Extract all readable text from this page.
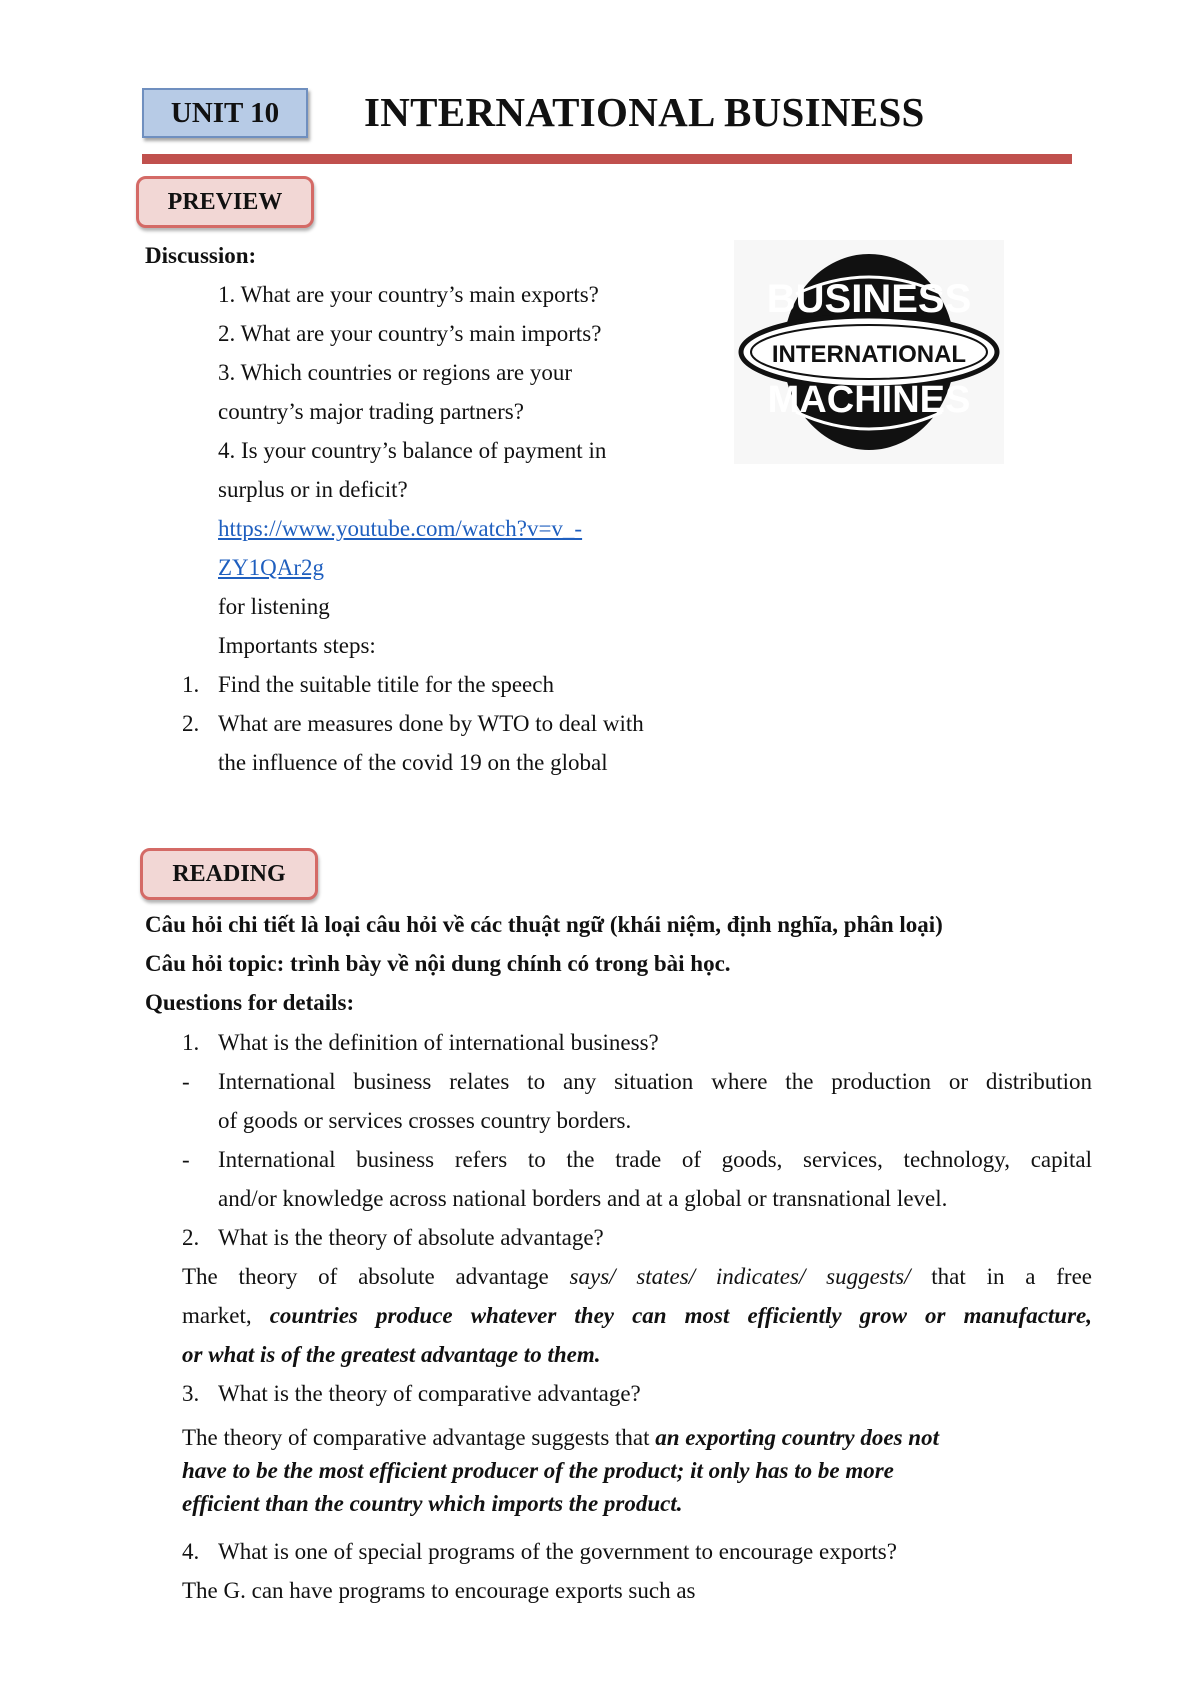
UNIT 10	INTERNATIONAL BUSINESS
PREVIEW
Discussion:
1. What are your country’s main exports?
2. What are your country’s main imports?
3. Which countries or regions are your
country’s major trading partners?
4. Is your country’s balance of payment in
surplus or in deficit?
https://www.youtube.com/watch?v=v_-
ZY1QAr2g
for listening
Importants steps:
1. Find the suitable titile for the speech
2. What are measures done by WTO to deal with
the influence of the covid 19 on the global
BUSINESS
INTERNATIONAL
MACHINES
READING
Câu hỏi chi tiết là loại câu hỏi về các thuật ngữ (khái niệm, định nghĩa, phân loại)
Câu hỏi topic: trình bày về nội dung chính có trong bài học.
Questions for details:
1. What is the definition of international business?
-	International business relates to any situation where the production or distribution
of goods or services crosses country borders.
-	International business refers to the trade of goods, services, technology, capital
and/or knowledge across national borders and at a global or transnational level.
2. What is the theory of absolute advantage?
The theory of absolute advantage says/ states/ indicates/ suggests/ that in a free
market, countries produce whatever they can most efficiently grow or manufacture,
or what is of the greatest advantage to them.
3. What is the theory of comparative advantage?
The theory of comparative advantage suggests that an exporting country does not
have to be the most efficient producer of the product; it only has to be more
efficient than the country which imports the product.
4. What is one of special programs of the government to encourage exports?
The G. can have programs to encourage exports such as
